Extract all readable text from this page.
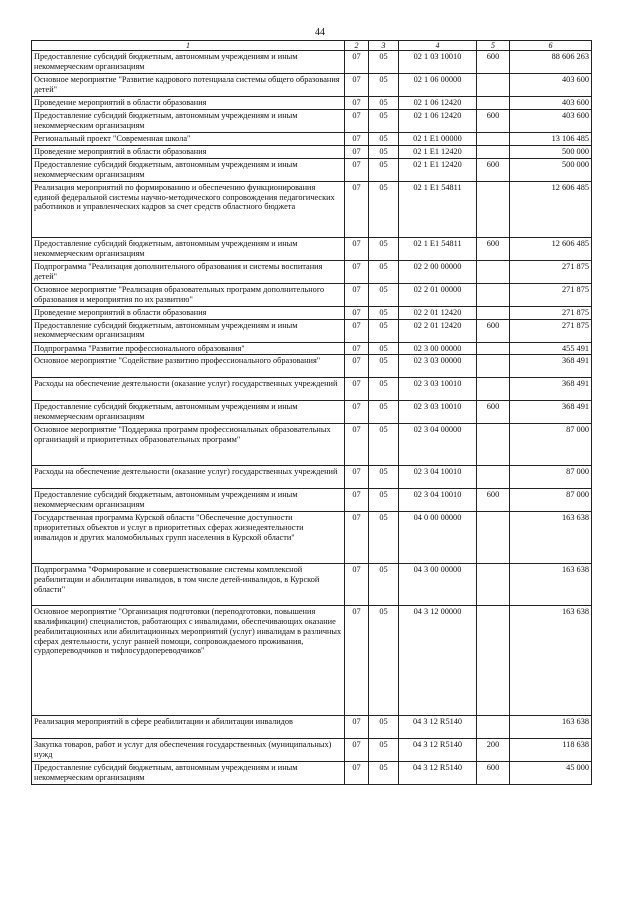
44
1	2	3	4	5	6
Предоставление субсидий бюджетным, автономным учреждениям и иным некоммерческим организациям	07	05	02 1 03 10010	600	88 606 263
Основное мероприятие "Развитие кадрового потенциала системы общего образования детей"	07	05	02 1 06 00000		403 600
Проведение мероприятий в области образования	07	05	02 1 06 12420		403 600
Предоставление субсидий бюджетным, автономным учреждениям и иным некоммерческим организациям	07	05	02 1 06 12420	600	403 600
Региональный проект "Современная школа"	07	05	02 1 Е1 00000		13 106 485
Проведение мероприятий в области образования	07	05	02 1 Е1 12420		500 000
Предоставление субсидий бюджетным, автономным учреждениям и иным некоммерческим организациям	07	05	02 1 Е1 12420	600	500 000
Реализация мероприятий по формированию и обеспечению функционирования единой федеральной системы научно-методического сопровождения педагогических работников и управленческих кадров за счет средств областного бюджета	07	05	02 1 Е1 54811		12 606 485
Предоставление субсидий бюджетным, автономным учреждениям и иным некоммерческим организациям	07	05	02 1 Е1 54811	600	12 606 485
Подпрограмма "Реализация дополнительного образования и системы воспитания детей"	07	05	02 2 00 00000		271 875
Основное мероприятие "Реализация образовательных программ дополнительного образования и мероприятия по их развитию"	07	05	02 2 01 00000		271 875
Проведение мероприятий в области образования	07	05	02 2 01 12420		271 875
Предоставление субсидий бюджетным, автономным учреждениям и иным некоммерческим организациям	07	05	02 2 01 12420	600	271 875
Подпрограмма "Развитие профессионального образования"	07	05	02 3 00 00000		455 491
Основное мероприятие "Содействие развитию профессионального образования"	07	05	02 3 03 00000		368 491
Расходы на обеспечение деятельности (оказание услуг) государственных учреждений	07	05	02 3 03 10010		368 491
Предоставление субсидий бюджетным, автономным учреждениям и иным некоммерческим организациям	07	05	02 3 03 10010	600	368 491
Основное мероприятие "Поддержка программ профессиональных образовательных организаций и приоритетных образовательных программ"	07	05	02 3 04 00000		87 000
Расходы на обеспечение деятельности (оказание услуг) государственных учреждений	07	05	02 3 04 10010		87 000
Предоставление субсидий бюджетным, автономным учреждениям и иным некоммерческим организациям	07	05	02 3 04 10010	600	87 000
Государственная программа Курской области "Обеспечение доступности приоритетных объектов и услуг в приоритетных сферах жизнедеятельности инвалидов и других маломобильных групп населения в Курской области"	07	05	04 0 00 00000		163 638
Подпрограмма "Формирование и совершенствование системы комплексной реабилитации и абилитации инвалидов, в том числе детей-инвалидов, в Курской области"	07	05	04 3 00 00000		163 638
Основное мероприятие "Организация подготовки (переподготовки, повышения квалификации) специалистов, работающих с инвалидами, обеспечивающих оказание реабилитационных или абилитационных мероприятий (услуг) инвалидам в различных сферах деятельности, услуг ранней помощи, сопровождаемого проживания, сурдопереводчиков и тифлосурдопереводчиков"	07	05	04 3 12 00000		163 638
Реализация мероприятий в сфере реабилитации и абилитации инвалидов	07	05	04 3 12 R5140		163 638
Закупка товаров, работ и услуг для обеспечения государственных (муниципальных) нужд	07	05	04 3 12 R5140	200	118 638
Предоставление субсидий бюджетным, автономным учреждениям и иным некоммерческим организациям	07	05	04 3 12 R5140	600	45 000
